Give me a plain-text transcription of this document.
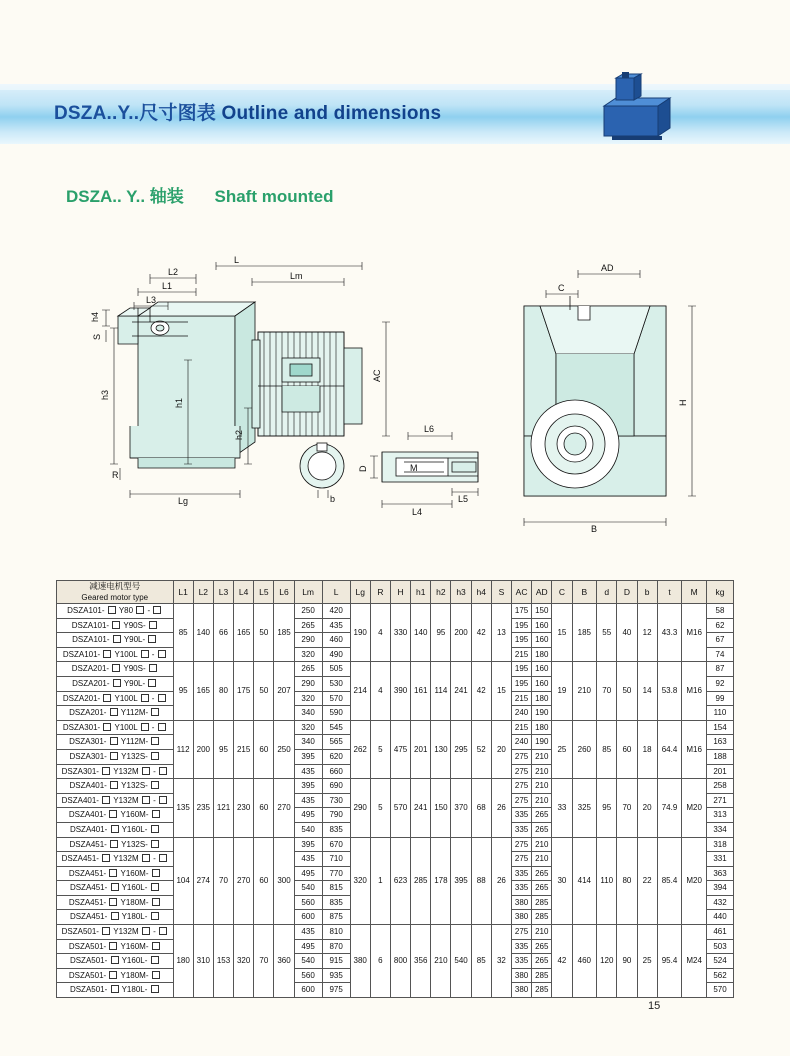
DSZA..Y..尺寸图表 Outline and dimensions
DSZA.. Y.. 轴装 Shaft mounted
L2
L1
L3
L
Lm
AC
h1
h2
h3
h4
S
Lg
R
AD
C
H
B
L6
L4
L5
D	M
b
减速电机型号
Geared motor type	L1	L2	L3	L4	L5	L6	Lm	L	Lg	R	H	h1	h2	h3	h4	S	AC	AD	C	B	d	D	b	t	M	kg
DSZA101-  Y80  -	85	140	66	165	50	185	250	420	190	4	330	140	95	200	42	13	175	150	15	185	55	40	12	43.3	M16	58
DSZA101-  Y90S-							265	435									195	160								62
DSZA101-  Y90L-							290	460									195	160								67
DSZA101-  Y100L  -							320	490									215	180								74
DSZA201-  Y90S-	95	165	80	175	50	207	265	505	214	4	390	161	114	241	42	15	195	160	19	210	70	50	14	53.8	M16	87
DSZA201-  Y90L-							290	530									195	160								92
DSZA201-  Y100L  -							320	570									215	180								99
DSZA201-  Y112M-							340	590									240	190								110
DSZA301-  Y100L  -	112	200	95	215	60	250	320	545	262	5	475	201	130	295	52	20	215	180	25	260	85	60	18	64.4	M16	154
DSZA301-  Y112M-							340	565									240	190								163
DSZA301-  Y132S-							395	620									275	210								188
DSZA301-  Y132M  -							435	660									275	210								201
DSZA401-  Y132S-	135	235	121	230	60	270	395	690	290	5	570	241	150	370	68	26	275	210	33	325	95	70	20	74.9	M20	258
DSZA401-  Y132M  -							435	730									275	210								271
DSZA401-  Y160M-							495	790									335	265								313
DSZA401-  Y160L-							540	835									335	265								334
DSZA451-  Y132S-	104	274	70	270	60	300	395	670	320	1	623	285	178	395	88	26	275	210	30	414	110	80	22	85.4	M20	318
DSZA451-  Y132M  -							435	710									275	210								331
DSZA451-  Y160M-							495	770									335	265								363
DSZA451-  Y160L-							540	815									335	265								394
DSZA451-  Y180M-							560	835									380	285								432
DSZA451-  Y180L-							600	875									380	285								440
DSZA501-  Y132M  -	180	310	153	320	70	360	435	810	380	6	800	356	210	540	85	32	275	210	42	460	120	90	25	95.4	M24	461
DSZA501-  Y160M-							495	870									335	265								503
DSZA501-  Y160L-							540	915									335	265								524
DSZA501-  Y180M-							560	935									380	285								562
DSZA501-  Y180L-							600	975									380	285								570
15
